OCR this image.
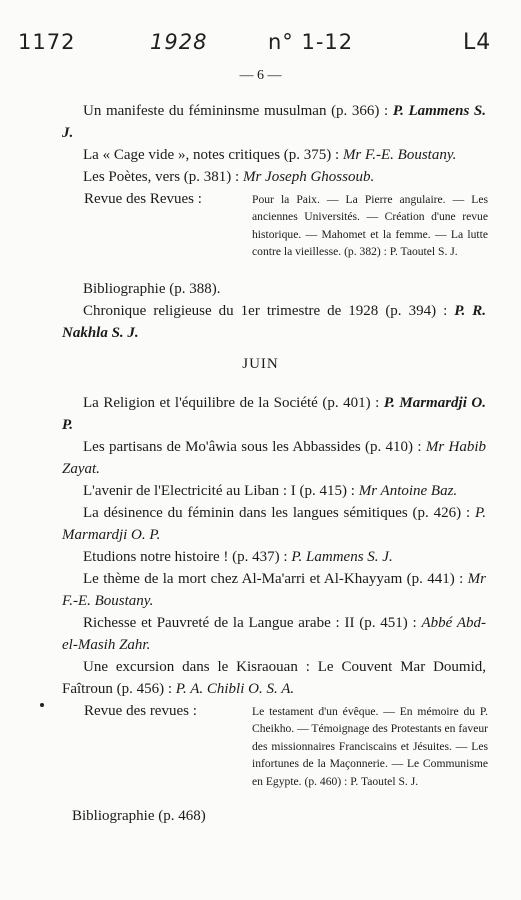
1172	1928	n° 1-12	L4
— 6 —

Un manifeste du fémininsme musulman (p. 366) : P. Lammens S. J.

La « Cage vide », notes critiques (p. 375) : Mr F.-E. Boustany.

Les Poètes, vers (p. 381) : Mr Joseph Ghossoub.

Revue des Revues :	Pour la Paix. — La Pierre angulaire. — Les anciennes Universités. — Création d'une revue historique. — Mahomet et la femme. — La lutte contre la vieillesse. (p. 382) : P. Taoutel S. J.

Bibliographie (p. 388).

Chronique religieuse du 1er trimestre de 1928 (p. 394) : P. R. Nakhla S. J.

JUIN

La Religion et l'équilibre de la Société (p. 401) : P. Marmardji O. P.

Les partisans de Mo'âwia sous les Abbassides (p. 410) : Mr Habib Zayat.

L'avenir de l'Electricité au Liban : I (p. 415) : Mr Antoine Baz.

La désinence du féminin dans les langues sémitiques (p. 426) : P. Marmardji O. P.

Etudions notre histoire ! (p. 437) : P. Lammens S. J.

Le thème de la mort chez Al-Ma'arri et Al-Khayyam (p. 441) : Mr F.-E. Boustany.

Richesse et Pauvreté de la Langue arabe : II (p. 451) : Abbé Abd-el-Masih Zahr.

Une excursion dans le Kisraouan : Le Couvent Mar Doumid, Faîtroun (p. 456) : P. A. Chibli O. S. A.

Revue des revues :	Le testament d'un évêque. — En mémoire du P. Cheikho. — Témoignage des Protestants en faveur des missionnaires Franciscains et Jésuites. — Les infortunes de la Maçonnerie. — Le Communisme en Egypte. (p. 460) : P. Taoutel S. J.

Bibliographie (p. 468)
